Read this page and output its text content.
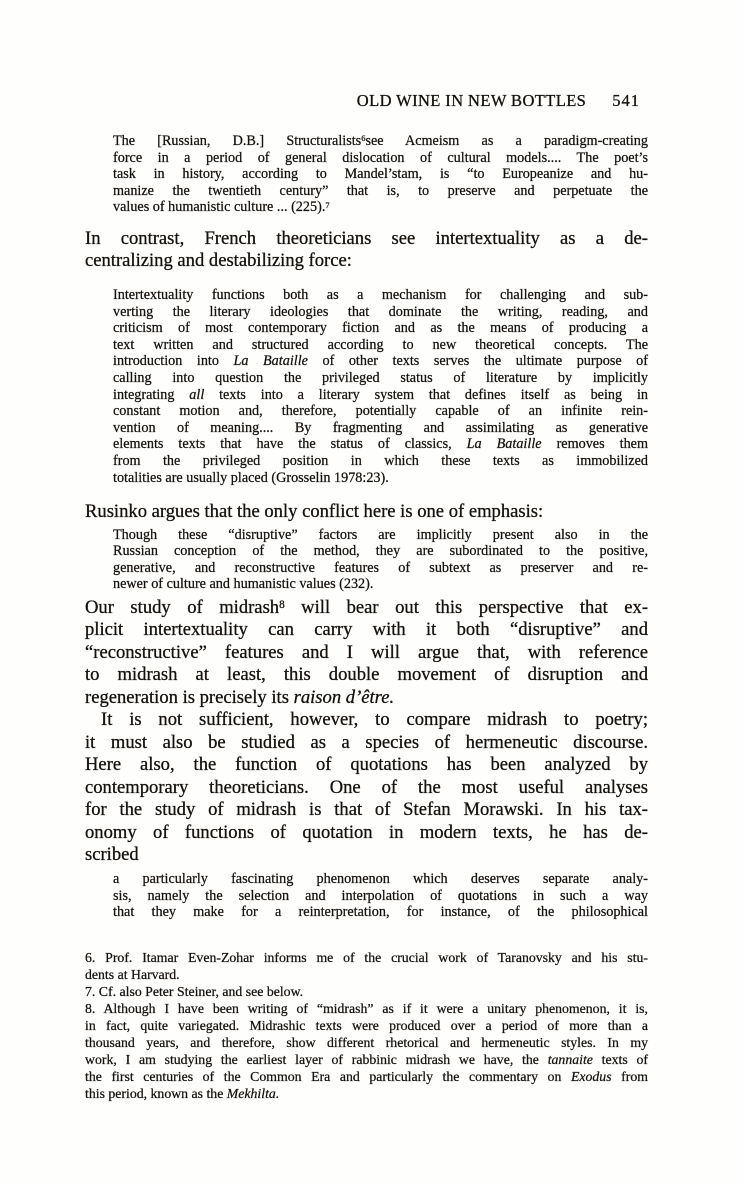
OLD WINE IN NEW BOTTLES 541
The [Russian, D.B.] Structuralists$^6$see Acmeism as a paradigm-creating
force in a period of general dislocation of cultural models.... The poet’s
task in history, according to Mandel’stam, is “to Europeanize and hu-
manize the twentieth century” that is, to preserve and perpetuate the
values of humanistic culture ... (225).$^7$
In contrast, French theoreticians see intertextuality as a de-
centralizing and destabilizing force:
Intertextuality functions both as a mechanism for challenging and sub-
verting the literary ideologies that dominate the writing, reading, and
criticism of most contemporary fiction and as the means of producing a
text written and structured according to new theoretical concepts. The
introduction into La Bataille of other texts serves the ultimate purpose of
calling into question the privileged status of literature by implicitly
integrating all texts into a literary system that defines itself as being in
constant motion and, therefore, potentially capable of an infinite rein-
vention of meaning.... By fragmenting and assimilating as generative
elements texts that have the status of classics, La Bataille removes them
from the privileged position in which these texts as immobilized
totalities are usually placed (Grosselin 1978:23).
Rusinko argues that the only conflict here is one of emphasis:
Though these “disruptive” factors are implicitly present also in the
Russian conception of the method, they are subordinated to the positive,
generative, and reconstructive features of subtext as preserver and re-
newer of culture and humanistic values (232).
Our study of midrash$^8$ will bear out this perspective that ex-
plicit intertextuality can carry with it both “disruptive” and
“reconstructive” features and I will argue that, with reference
to midrash at least, this double movement of disruption and
regeneration is precisely its raison d’être.
It is not sufficient, however, to compare midrash to poetry;
it must also be studied as a species of hermeneutic discourse.
Here also, the function of quotations has been analyzed by
contemporary theoreticians. One of the most useful analyses
for the study of midrash is that of Stefan Morawski. In his tax-
onomy of functions of quotation in modern texts, he has de-
scribed
a particularly fascinating phenomenon which deserves separate analy-
sis, namely the selection and interpolation of quotations in such a way
that they make for a reinterpretation, for instance, of the philosophical
6. Prof. Itamar Even-Zohar informs me of the crucial work of Taranovsky and his stu-
dents at Harvard.
7. Cf. also Peter Steiner, and see below.
8. Although I have been writing of “midrash” as if it were a unitary phenomenon, it is,
in fact, quite variegated. Midrashic texts were produced over a period of more than a
thousand years, and therefore, show different rhetorical and hermeneutic styles. In my
work, I am studying the earliest layer of rabbinic midrash we have, the tannaite texts of
the first centuries of the Common Era and particularly the commentary on Exodus from
this period, known as the Mekhilta.
